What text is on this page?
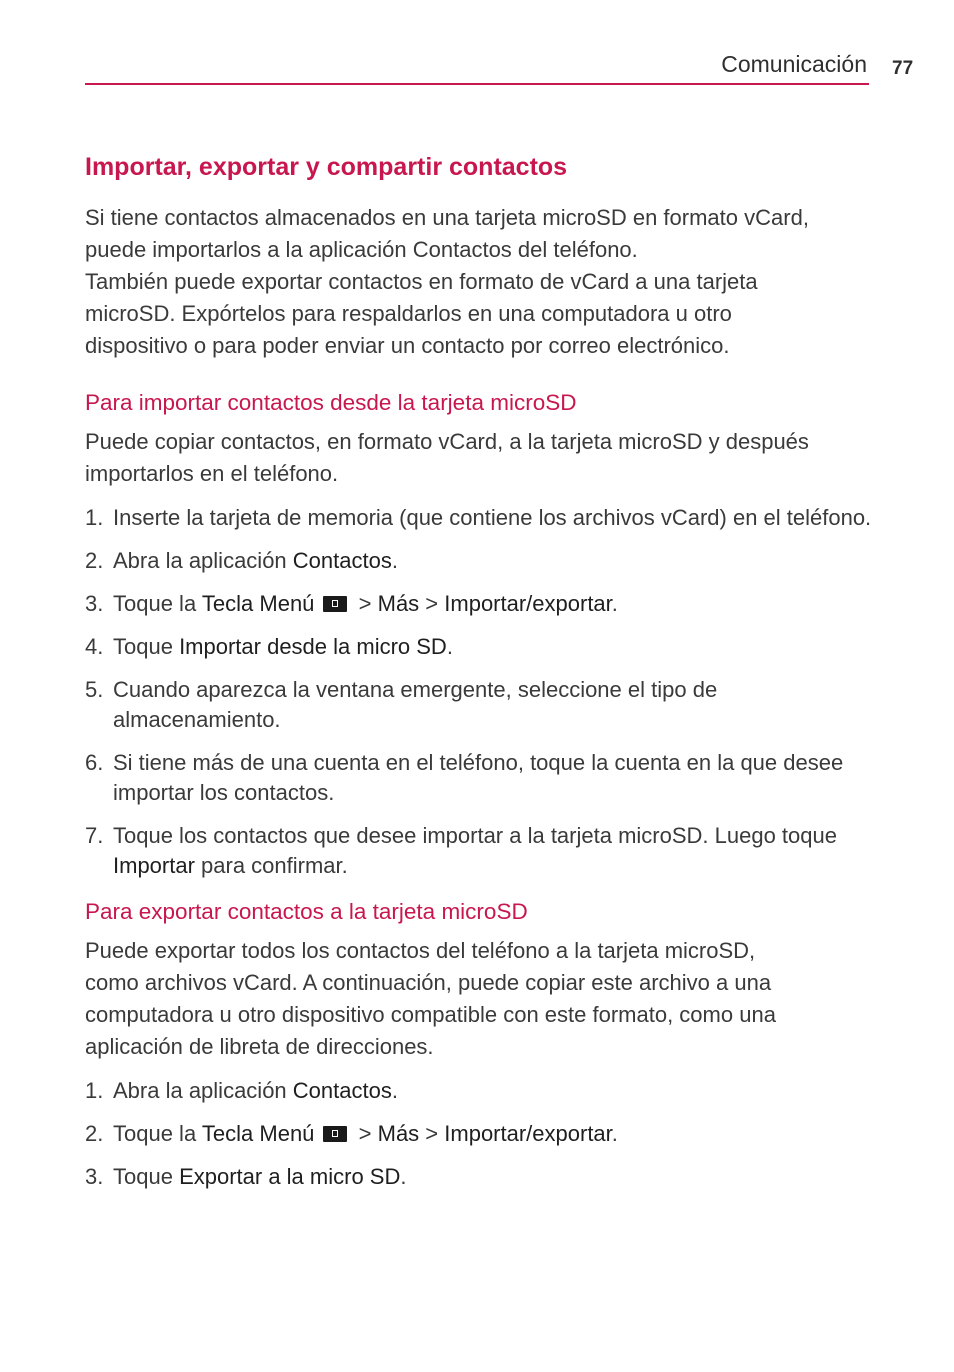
Comunicación 77
Importar, exportar y compartir contactos

Si tiene contactos almacenados en una tarjeta microSD en formato vCard,
puede importarlos a la aplicación Contactos del teléfono.
También puede exportar contactos en formato de vCard a una tarjeta
microSD. Expórtelos para respaldarlos en una computadora u otro
dispositivo o para poder enviar un contacto por correo electrónico.

Para importar contactos desde la tarjeta microSD

Puede copiar contactos, en formato vCard, a la tarjeta microSD y después
importarlos en el teléfono.

1. Inserte la tarjeta de memoria (que contiene los archivos vCard) en el teléfono.
2. Abra la aplicación Contactos.
3. Toque la Tecla Menú  > Más > Importar/exportar.
4. Toque Importar desde la micro SD.
5. Cuando aparezca la ventana emergente, seleccione el tipo de almacenamiento.
6. Si tiene más de una cuenta en el teléfono, toque la cuenta en la que desee importar los contactos.
7. Toque los contactos que desee importar a la tarjeta microSD. Luego toque Importar para confirmar.
Para exportar contactos a la tarjeta microSD

Puede exportar todos los contactos del teléfono a la tarjeta microSD,
como archivos vCard. A continuación, puede copiar este archivo a una
computadora u otro dispositivo compatible con este formato, como una
aplicación de libreta de direcciones.

1. Abra la aplicación Contactos.
2. Toque la Tecla Menú  > Más > Importar/exportar.
3. Toque Exportar a la micro SD.
